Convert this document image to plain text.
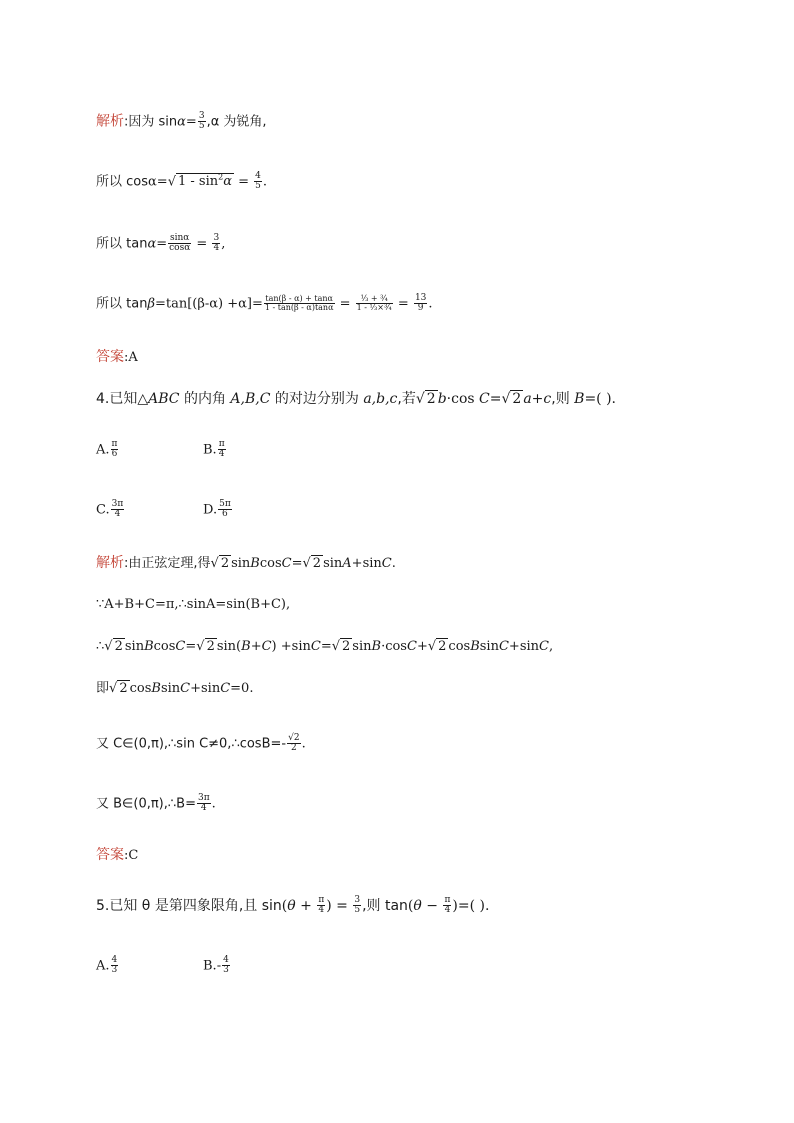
解析:因为 $\sin\alpha= \frac{3}{5} ,\alpha$ 为锐角,
所以 cosα=√ $1 - \sin^2\alpha = \frac{4}{5}$ .
所以 $\tan\alpha= \frac{\sin\alpha}{\cos\alpha} = \frac{3}{4}$ ,
所以 $\tan\beta=\tan[(\beta-\alpha) +\alpha]= \frac{\tan(\beta - \alpha) + \tan\alpha}{1 - \tan(\beta - \alpha)\tan\alpha} = \frac{\text{⅓ + ¾}}{\text{1 - ⅓×¾}} = \frac{13}{9}$ .
答案:A
4.已知△ABC 的内角 A,B,C 的对边分别为 a,b,c,若√ 2 b·cos C=√ 2 a+c,则 B=( ).
A. $\frac{\pi}{6}$	B. $\frac{\pi}{4}$
C. $\frac{3\pi}{4}$	D. $\frac{5\pi}{6}$
解析:由正弦定理,得√ 2 sinBcosC=√ 2 sinA+sinC.
∵A+B+C=π,∴sinA=sin(B+C),
∴√ 2 sinBcosC=√ 2 sin(B+C) +sinC=√ 2 sinB·cosC+√ 2 cosBsinC+sinC,
即√ 2 cosBsinC+sinC=0.
又 C∈(0,π),∴sin C≠0,∴cosB=- $\frac{√2}{2}$ .
又 B∈(0,π),∴B= $\frac{3\pi}{4}$ .
答案:C
5.已知 θ 是第四象限角,且 $\sin(\theta + \frac{\pi}{4}$ ) = $\frac{3}{5}$ ,则 $\tan(\theta - \frac{\pi}{4}$ )=( ).
A. $\frac{4}{3}$	$B.- \frac{4}{3}$
